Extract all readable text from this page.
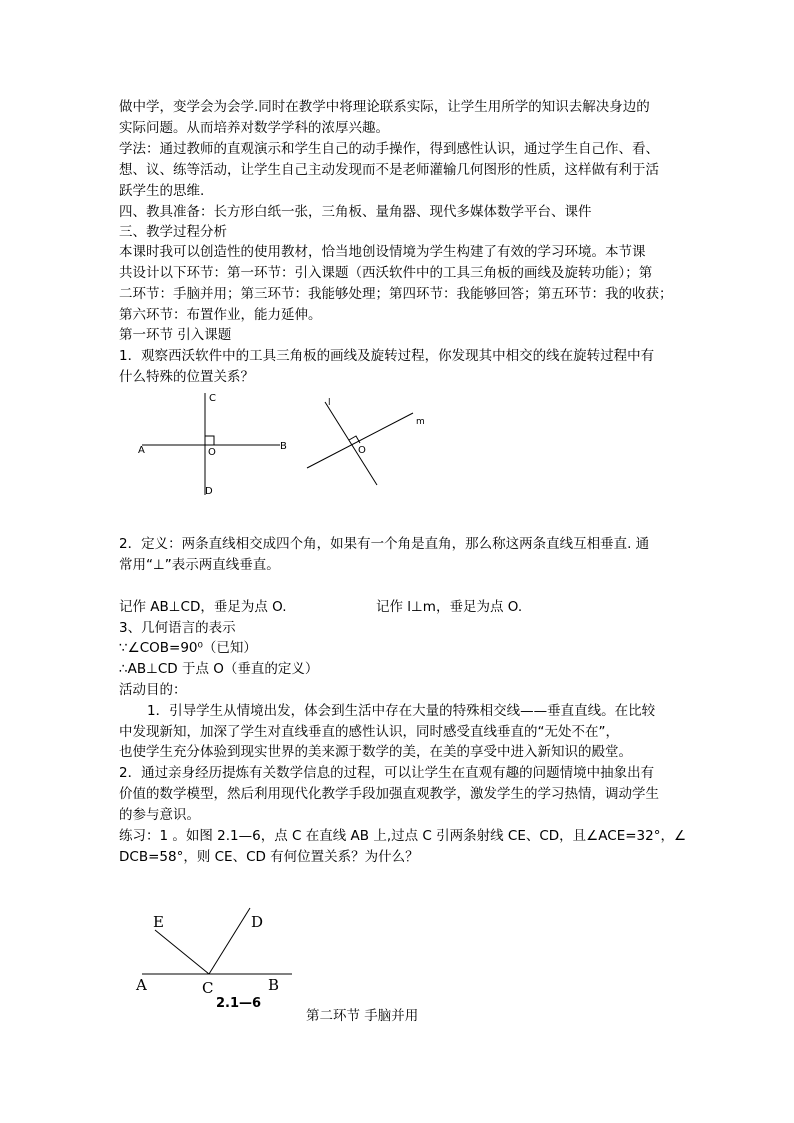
做中学，变学会为会学.同时在教学中将理论联系实际，让学生用所学的知识去解决身边的
实际问题。从而培养对数学学科的浓厚兴趣。
学法：通过教师的直观演示和学生自己的动手操作，得到感性认识，通过学生自己作、看、
想、议、练等活动，让学生自己主动发现而不是老师灌输几何图形的性质，这样做有利于活
跃学生的思维.
四、教具准备：长方形白纸一张，三角板、量角器、现代多媒体数学平台、课件
三、教学过程分析
本课时我可以创造性的使用教材，恰当地创设情境为学生构建了有效的学习环境。本节课
共设计以下环节：第一环节：引入课题（西沃软件中的工具三角板的画线及旋转功能）；第
二环节：手脑并用；第三环节：我能够处理；第四环节：我能够回答；第五环节：我的收获；
第六环节：布置作业，能力延伸。
第一环节 引入课题
1．观察西沃软件中的工具三角板的画线及旋转过程，你发现其中相交的线在旋转过程中有
什么特殊的位置关系？
C
A	O
B
D
l
m
O
2．定义：两条直线相交成四个角，如果有一个角是直角，那么称这两条直线互相垂直. 通
常用“⊥”表示两直线垂直。
记作 AB⊥CD，垂足为点 O.	记作 l⊥m，垂足为点 O.
3、几何语言的表示
∵∠COB=90⁰（已知）
∴AB⊥CD 于点 O（垂直的定义）
活动目的：
1．引导学生从情境出发，体会到生活中存在大量的特殊相交线——垂直直线。在比较
中发现新知，加深了学生对直线垂直的感性认识，同时感受直线垂直的“无处不在”，
也使学生充分体验到现实世界的美来源于数学的美，在美的享受中进入新知识的殿堂。
2．通过亲身经历提炼有关数学信息的过程，可以让学生在直观有趣的问题情境中抽象出有
价值的数学模型，然后利用现代化教学手段加强直观教学，激发学生的学习热情，调动学生
的参与意识。
练习：1 。如图 2.1—6，点 C 在直线 AB 上,过点 C 引两条射线 CE、CD，且∠ACE=32°，∠
DCB=58°，则 CE、CD 有何位置关系？为什么？
E	D
A	C	B
2.1—6
第二环节 手脑并用
